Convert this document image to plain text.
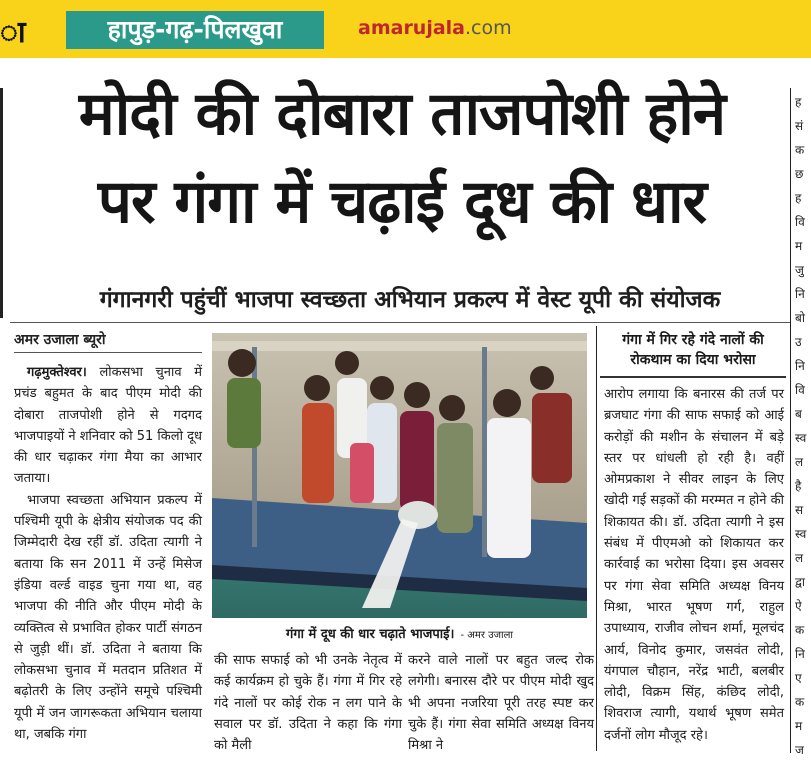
ा	हापुड़-गढ़-पिलखुवा	amarujala.com
मोदी की दोबारा ताजपोशी होने
पर गंगा में चढ़ाई दूध की धार
गंगानगरी पहुंचीं भाजपा स्वच्छता अभियान प्रकल्प में वेस्ट यूपी की संयोजक
अमर उजाला ब्यूरो

 गढ़मुक्तेश्वर। लोकसभा चुनाव में प्रचंड बहुमत के बाद पीएम मोदी की दोबारा ताजपोशी होने से गदगद भाजपाइयों ने शनिवार को 51 किलो दूध की धार चढ़ाकर गंगा मैया का आभार जताया।

 भाजपा स्वच्छता अभियान प्रकल्प में पश्चिमी यूपी के क्षेत्रीय संयोजक पद की जिम्मेदारी देख रहीं डॉ. उदिता त्यागी ने बताया कि सन 2011 में उन्हें मिसेज इंडिया वर्ल्ड वाइड चुना गया था, वह भाजपा की नीति और पीएम मोदी के व्यक्तित्व से प्रभावित होकर पार्टी संगठन से जुड़ी थीं। डॉ. उदिता ने बताया कि लोकसभा चुनाव में मतदान प्रतिशत में बढ़ोतरी के लिए उन्होंने समूचे पश्चिमी यूपी में जन जागरूकता अभियान चलाया था, जबकि गंगा

की साफ सफाई को भी उनके नेतृत्व में कई कार्यक्रम हो चुके हैं। गंगा में गिर रहे गंदे नालों पर कोई रोक न लग पाने के सवाल पर डॉ. उदिता ने कहा कि गंगा को मैली

करने वाले नालों पर बहुत जल्द रोक लगेगी। बनारस दौरे पर पीएम मोदी खुद भी अपना नजरिया पूरी तरह स्पष्ट कर चुके हैं। गंगा सेवा समिति अध्यक्ष विनय मिश्रा ने

गंगा में दूध की धार चढ़ाते भाजपाई। - अमर उजाला
गंगा में गिर रहे गंदे नालों की रोकथाम का दिया भरोसा

आरोप लगाया कि बनारस की तर्ज पर ब्रजघाट गंगा की साफ सफाई को आई करोड़ों की मशीन के संचालन में बड़े स्तर पर धांधली हो रही है। वहीं ओमप्रकाश ने सीवर लाइन के लिए खोदी गई सड़कों की मरम्मत न होने की शिकायत की। डॉ. उदिता त्यागी ने इस संबंध में पीएमओ को शिकायत कर कार्रवाई का भरोसा दिया। इस अवसर पर गंगा सेवा समिति अध्यक्ष विनय मिश्रा, भारत भूषण गर्ग, राहुल उपाध्याय, राजीव लोचन शर्मा, मूलचंद आर्य, विनोद कुमार, जसवंत लोदी, यंगपाल चौहान, नरेंद्र भाटी, बलबीर लोदी, विक्रम सिंह, कंछिद लोदी, शिवराज त्यागी, यथार्थ भूषण समेत दर्जनों लोग मौजूद रहे।

ह
सं
क
छ
ह
वि
म
जु
नि
बो
उ
नि
वि
ब
स्व
ल
है
स
स्व
ल
द्वा
ऐ
क
नि
ए
क
म
ज
